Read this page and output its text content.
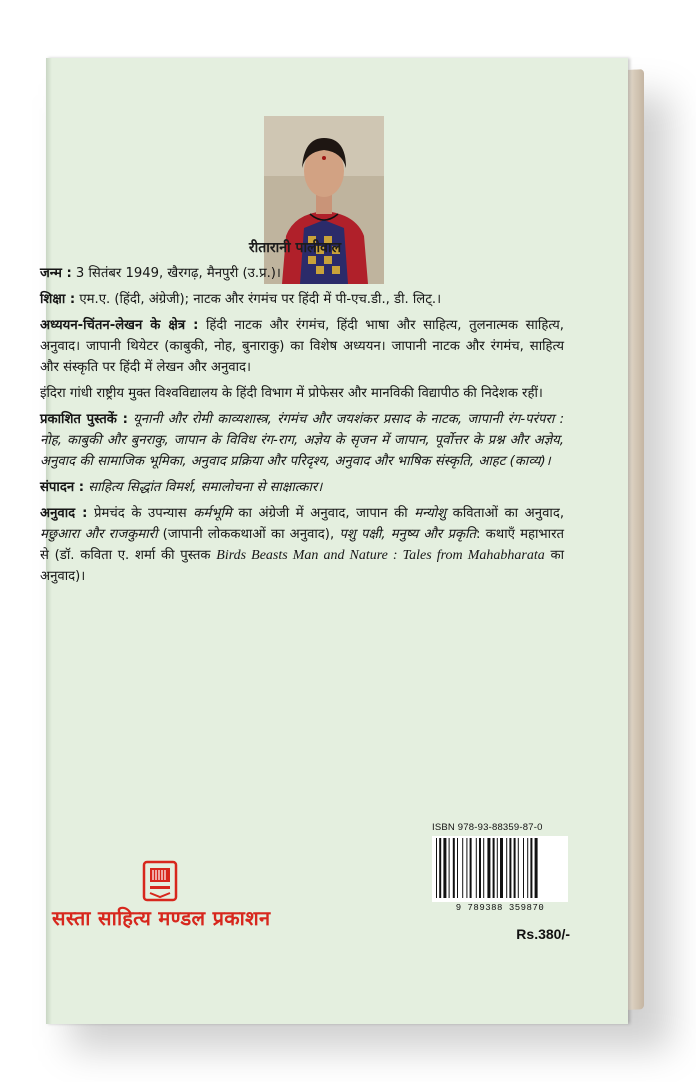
रीतारानी पालीवाल

जन्म : 3 सितंबर 1949, खैरगढ़, मैनपुरी (उ.प्र.)।

शिक्षा : एम.ए. (हिंदी, अंग्रेजी); नाटक और रंगमंच पर हिंदी में पी-एच.डी., डी. लिट्.।

अध्ययन-चिंतन-लेखन के क्षेत्र : हिंदी नाटक और रंगमंच, हिंदी भाषा और साहित्य, तुलनात्मक साहित्य, अनुवाद। जापानी थियेटर (काबुकी, नोह, बुनाराकु) का विशेष अध्ययन। जापानी नाटक और रंगमंच, साहित्य और संस्कृति पर हिंदी में लेखन और अनुवाद।

इंदिरा गांधी राष्ट्रीय मुक्त विश्वविद्यालय के हिंदी विभाग में प्रोफेसर और मानविकी विद्यापीठ की निदेशक रहीं।

प्रकाशित पुस्तकें : यूनानी और रोमी काव्यशास्त्र, रंगमंच और जयशंकर प्रसाद के नाटक, जापानी रंग-परंपरा : नोह, काबुकी और बुनराकु, जापान के विविध रंग-राग, अज्ञेय के सृजन में जापान, पूर्वोत्तर के प्रश्न और अज्ञेय, अनुवाद की सामाजिक भूमिका, अनुवाद प्रक्रिया और परिदृश्य, अनुवाद और भाषिक संस्कृति, आहट (काव्य)।

संपादन : साहित्य सिद्धांत विमर्श, समालोचना से साक्षात्कार।

अनुवाद : प्रेमचंद के उपन्यास कर्मभूमि का अंग्रेजी में अनुवाद, जापान की मन्योशु कविताओं का अनुवाद, मछुआरा और राजकुमारी (जापानी लोककथाओं का अनुवाद), पशु पक्षी, मनुष्य और प्रकृति: कथाएँ महाभारत से (डॉ. कविता ए. शर्मा की पुस्तक Birds Beasts Man and Nature : Tales from Mahabharata का अनुवाद)।

ISBN 978-93-88359-87-0
9 789388 359870
Rs.380/-
सस्ता साहित्य मण्डल प्रकाशन
